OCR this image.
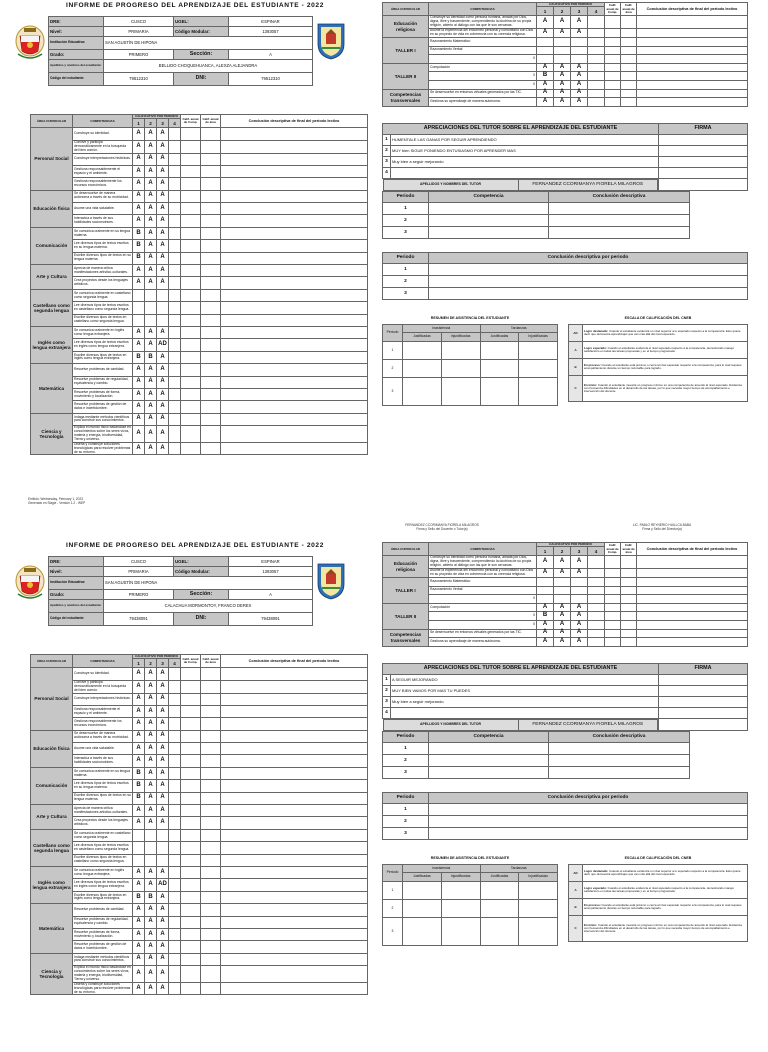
INFORME DE PROGRESO DEL APRENDIZAJE DEL ESTUDIANTE - 2022
DRE:	CUSCO	UGEL:	ESPINAR
Nivel:	PRIMARIA	Código Modular:	1393057
Institución Educativa:	SAN AGUSTÍN DE HIPONA		
Grado:	PRIMERO	Sección:	A
Apellidos y nombres del estudiante:	BELLIDO CHOQUEHUANCA, ALEXZA ALEJANDRA		
Código del estudiante:	79512310	DNI:	79512310
ÁREA CURRICULAR	COMPETENCIAS	CALIFICATIVO POR PERIODO				Calif. anual de Comp.	Calif. anual de área	Conclusión descriptiva de final del periodo lectivo
		1	2	3	4			
Personal Social	Construye su identidad.	A	A	A				
	Convive y participa democráticamente en la búsqueda del bien común.	A	A	A				
	Construye interpretaciones históricas.	A	A	A				
	Gestiona responsablemente el espacio y el ambiente.	A	A	A				
	Gestiona responsablemente los recursos económicos.	A	A	A				
Educación física	Se desenvuelve de manera autónoma a través de su motricidad.	A	A	A				
	Asume una vida saludable.	A	A	A				
	Interactúa a través de sus habilidades sociomotrices.	A	A	A				
Comunicación	Se comunica oralmente en su lengua materna.	B	A	A				
	Lee diversos tipos de textos escritos en su lengua materna.	B	A	A				
	Escribe diversos tipos de textos en su lengua materna.	B	A	A				
Arte y Cultura	Aprecia de manera crítica manifestaciones artístico-culturales.	A	A	A				
	Crea proyectos desde los lenguajes artísticos.	A	A	A				
Castellano como segunda lengua	Se comunica oralmente en castellano como segunda lengua.							
	Lee diversos tipos de textos escritos en castellano como segunda lengua.							
	Escribe diversos tipos de textos en castellano como segunda lengua.							
Inglés como lengua extranjera	Se comunica oralmente en inglés como lengua extranjera.	A	A	A				
	Lee diversos tipos de textos escritos en inglés como lengua extranjera.	A	A	AD				
	Escribe diversos tipos de textos en inglés como lengua extranjera.	B	B	A				
Matemática	Resuelve problemas de cantidad.	A	A	A				
	Resuelve problemas de regularidad, equivalencia y cambio.	A	A	A				
	Resuelve problemas de forma, movimiento y localización.	A	A	A				
	Resuelve problemas de gestión de datos e incertidumbre.	A	A	A				
Ciencia y Tecnología	Indaga mediante métodos científicos para construir sus conocimientos.	A	A	A				
	Explica el mundo físico basándose en conocimientos sobre los seres vivos, materia y energía, biodiversidad, Tierra y universo.	A	A	A				
	Diseña y construye soluciones tecnológicas para resolver problemas de su entorno.	A	A	A				
Emitido: Wednesday, February 1, 2023
Generado en Siagie - Versión 1.2 - WEP
ÁREA CURRICULAR	COMPETENCIAS	CALIFICATIVO POR PERIODO				Calif. anual de Comp.	Calif. anual de área	Conclusión descriptiva de final del periodo lectivo
		1	2	3	4			
Educación religiosa	Construye su identidad como persona humana, amada por Dios, digna, libre y trascendente, comprendiendo la doctrina de su propia religión, abierto al diálogo con las que le son cercanas.	A	A	A				
	Asume la experiencia del encuentro personal y comunitario con Dios en su proyecto de vida en coherencia con su creencia religiosa.	A	A	A				
TALLER I	Razonamiento Matemático							
	Razonamiento Verbal							

	0							

TALLER II	Computación	A	A	A				

	0	B	A	A				

	0	A	A	A				
Competencias transversales	Se desenvuelve en entornos virtuales generados por las TIC.	A	A	A				
	Gestiona su aprendizaje de manera autónoma.	A	A	A				
APRECIACIONES DEL TUTOR SOBRE EL APRENDIZAJE DEL ESTUDIANTE	FIRMA
1	HUMENTALE LAS GANAS POR SEGUIR APRENDIENDO	
2	MUY bien SIGUE PONIENDO ENTUSIASMO POR APRENDER MAS	
3	Muy bien a seguir mejorando	
4		

APELLIDOS Y NOMBRES DEL TUTOR	FERNANDEZ CCORIMANYA FIORELA MILAGROS

Periodo	Competencia	Conclusión descriptiva
1		
2		
3		
Periodo	Conclusión descriptiva por periodo
1	
2	
3	
RESUMEN DE ASISTENCIA DEL ESTUDIANTE
Periodo	Inasistencia		Tardanzas	
	Justificadas	Injustificadas	Justificadas	Injustificadas
1				
2				
3				
ESCALA DE CALIFICACIÓN DEL CNEB
AD	Logro destacado: Cuando el estudiante evidencia un nivel superior a lo esperado respecto a la competencia. Esto quiere decir que demuestra aprendizajes que van más allá del nivel esperado.
A	Logro esperado: Cuando el estudiante evidencia el nivel esperado respecto a la competencia, demostrando manejo satisfactorio en todas las tareas propuestas y en el tiempo programado.
B	En proceso: Cuando el estudiante está próximo o cerca al nivel esperado respecto a la competencia, para lo cual requiere acompañamiento durante un tiempo razonable para lograrlo.
C	En inicio: Cuando el estudiante muestra un progreso mínimo en una competencia de acuerdo al nivel esperado. Evidencia con frecuencia dificultades en el desarrollo de las tareas, por lo que necesita mayor tiempo de acompañamiento e intervención del docente.
FERNANDEZ CCORIMANYA FIORELA MILAGROS
Firma y Sello del Docente o Tutor(a)
LIC. PABLO REYNERIO HUILLCA BABA
Firma y Sello del Director(a)
INFORME DE PROGRESO DEL APRENDIZAJE DEL ESTUDIANTE - 2022
DRE:	CUSCO	UGEL:	ESPINAR
Nivel:	PRIMARIA	Código Modular:	1393057
Institución Educativa:	SAN AGUSTÍN DE HIPONA		
Grado:	PRIMERO	Sección:	A
Apellidos y nombres del estudiante:	CALACHUA MORMONTOY, FRANCO DEREX		
Código del estudiante:	79438091	DNI:	79438091
ÁREA CURRICULAR	COMPETENCIAS	CALIFICATIVO POR PERIODO				Calif. anual de Comp.	Calif. anual de área	Conclusión descriptiva de final del periodo lectivo
		1	2	3	4			
Personal Social	Construye su identidad.	A	A	A				
	Convive y participa democráticamente en la búsqueda del bien común.	A	A	A				
	Construye interpretaciones históricas.	A	A	A				
	Gestiona responsablemente el espacio y el ambiente.	A	A	A				
	Gestiona responsablemente los recursos económicos.	A	A	A				
Educación física	Se desenvuelve de manera autónoma a través de su motricidad.	A	A	A				
	Asume una vida saludable.	A	A	A				
	Interactúa a través de sus habilidades sociomotrices.	A	A	A				
Comunicación	Se comunica oralmente en su lengua materna.	B	A	A				
	Lee diversos tipos de textos escritos en su lengua materna.	B	A	A				
	Escribe diversos tipos de textos en su lengua materna.	B	A	A				
Arte y Cultura	Aprecia de manera crítica manifestaciones artístico-culturales.	A	A	A				
	Crea proyectos desde los lenguajes artísticos.	A	A	A				
Castellano como segunda lengua	Se comunica oralmente en castellano como segunda lengua.							
	Lee diversos tipos de textos escritos en castellano como segunda lengua.							
	Escribe diversos tipos de textos en castellano como segunda lengua.							
Inglés como lengua extranjera	Se comunica oralmente en inglés como lengua extranjera.	A	A	A				
	Lee diversos tipos de textos escritos en inglés como lengua extranjera.	A	A	AD				
	Escribe diversos tipos de textos en inglés como lengua extranjera.	B	B	A				
Matemática	Resuelve problemas de cantidad.	A	A	A				
	Resuelve problemas de regularidad, equivalencia y cambio.	A	A	A				
	Resuelve problemas de forma, movimiento y localización.	A	A	A				
	Resuelve problemas de gestión de datos e incertidumbre.	A	A	A				
Ciencia y Tecnología	Indaga mediante métodos científicos para construir sus conocimientos.	A	A	A				
	Explica el mundo físico basándose en conocimientos sobre los seres vivos, materia y energía, biodiversidad, Tierra y universo.	A	A	A				
	Diseña y construye soluciones tecnológicas para resolver problemas de su entorno.	A	A	A				
ÁREA CURRICULAR	COMPETENCIAS	CALIFICATIVO POR PERIODO				Calif. anual de Comp.	Calif. anual de área	Conclusión descriptiva de final del periodo lectivo
		1	2	3	4			
Educación religiosa	Construye su identidad como persona humana, amada por Dios, digna, libre y trascendente, comprendiendo la doctrina de su propia religión, abierto al diálogo con las que le son cercanas.	A	A	A				
	Asume la experiencia del encuentro personal y comunitario con Dios en su proyecto de vida en coherencia con su creencia religiosa.	A	A	A				
TALLER I	Razonamiento Matemático							
	Razonamiento Verbal							

	0							

TALLER II	Computación	A	A	A				

	0	B	A	A				

	0	A	A	A				
Competencias transversales	Se desenvuelve en entornos virtuales generados por las TIC.	A	A	A				
	Gestiona su aprendizaje de manera autónoma.	A	A	A				
APRECIACIONES DEL TUTOR SOBRE EL APRENDIZAJE DEL ESTUDIANTE	FIRMA
1	A SEGUIR MEJORANDO	
2	MUY BIEN VAMOS POR MAS TU PUEDES	
3	Muy bien a seguir mejorando	
4		

APELLIDOS Y NOMBRES DEL TUTOR	FERNANDEZ CCORIMANYA FIORELA MILAGROS

Periodo	Competencia	Conclusión descriptiva
1		
2		
3		
Periodo	Conclusión descriptiva por periodo
1	
2	
3	
RESUMEN DE ASISTENCIA DEL ESTUDIANTE
Periodo	Inasistencia		Tardanzas	
	Justificadas	Injustificadas	Justificadas	Injustificadas
1				
2				
3				
ESCALA DE CALIFICACIÓN DEL CNEB
AD	Logro destacado: Cuando el estudiante evidencia un nivel superior a lo esperado respecto a la competencia. Esto quiere decir que demuestra aprendizajes que van más allá del nivel esperado.
A	Logro esperado: Cuando el estudiante evidencia el nivel esperado respecto a la competencia, demostrando manejo satisfactorio en todas las tareas propuestas y en el tiempo programado.
B	En proceso: Cuando el estudiante está próximo o cerca al nivel esperado respecto a la competencia, para lo cual requiere acompañamiento durante un tiempo razonable para lograrlo.
C	En inicio: Cuando el estudiante muestra un progreso mínimo en una competencia de acuerdo al nivel esperado. Evidencia con frecuencia dificultades en el desarrollo de las tareas, por lo que necesita mayor tiempo de acompañamiento e intervención del docente.
